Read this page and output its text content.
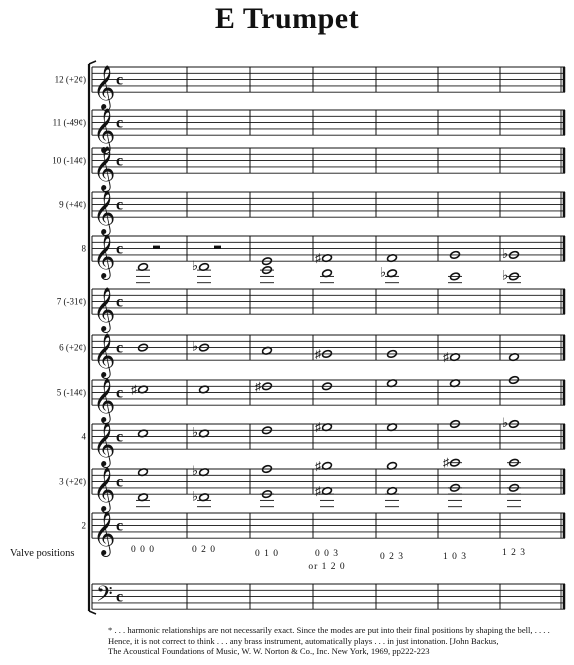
E Trumpet
12 (+2¢) 𝄞 c
11 (-49¢) 𝄞 c
10 (-14¢) 𝄞 c
9 (+4¢) 𝄞 c
8 𝄞 c
♯	♭
7 (-31¢) 𝄞 c
♭	♭	♭
6 (+2¢) 𝄞 c	♭
♯	♯
5 (-14¢) 𝄞 c ♯	♯
4 𝄞 c	♭	♯	♭
3 (+2¢) 𝄞 c
♭	♯	♯
2 𝄞 c
♭	♯
Valve positions	0 0 0	0 2 0	0 1 0	0 0 3	0 2 3	1 0 3	1 2 3
or 1 2 0
𝄢 c
* . . . harmonic relationships are not necessarily exact. Since the modes are put into their final positions by shaping the bell, . . . .
Hence, it is not correct to think . . . any brass instrument, automatically plays . . . in just intonation. [John Backus,
The Acoustical Foundations of Music, W. W. Norton & Co., Inc. New York, 1969, pp222-223
